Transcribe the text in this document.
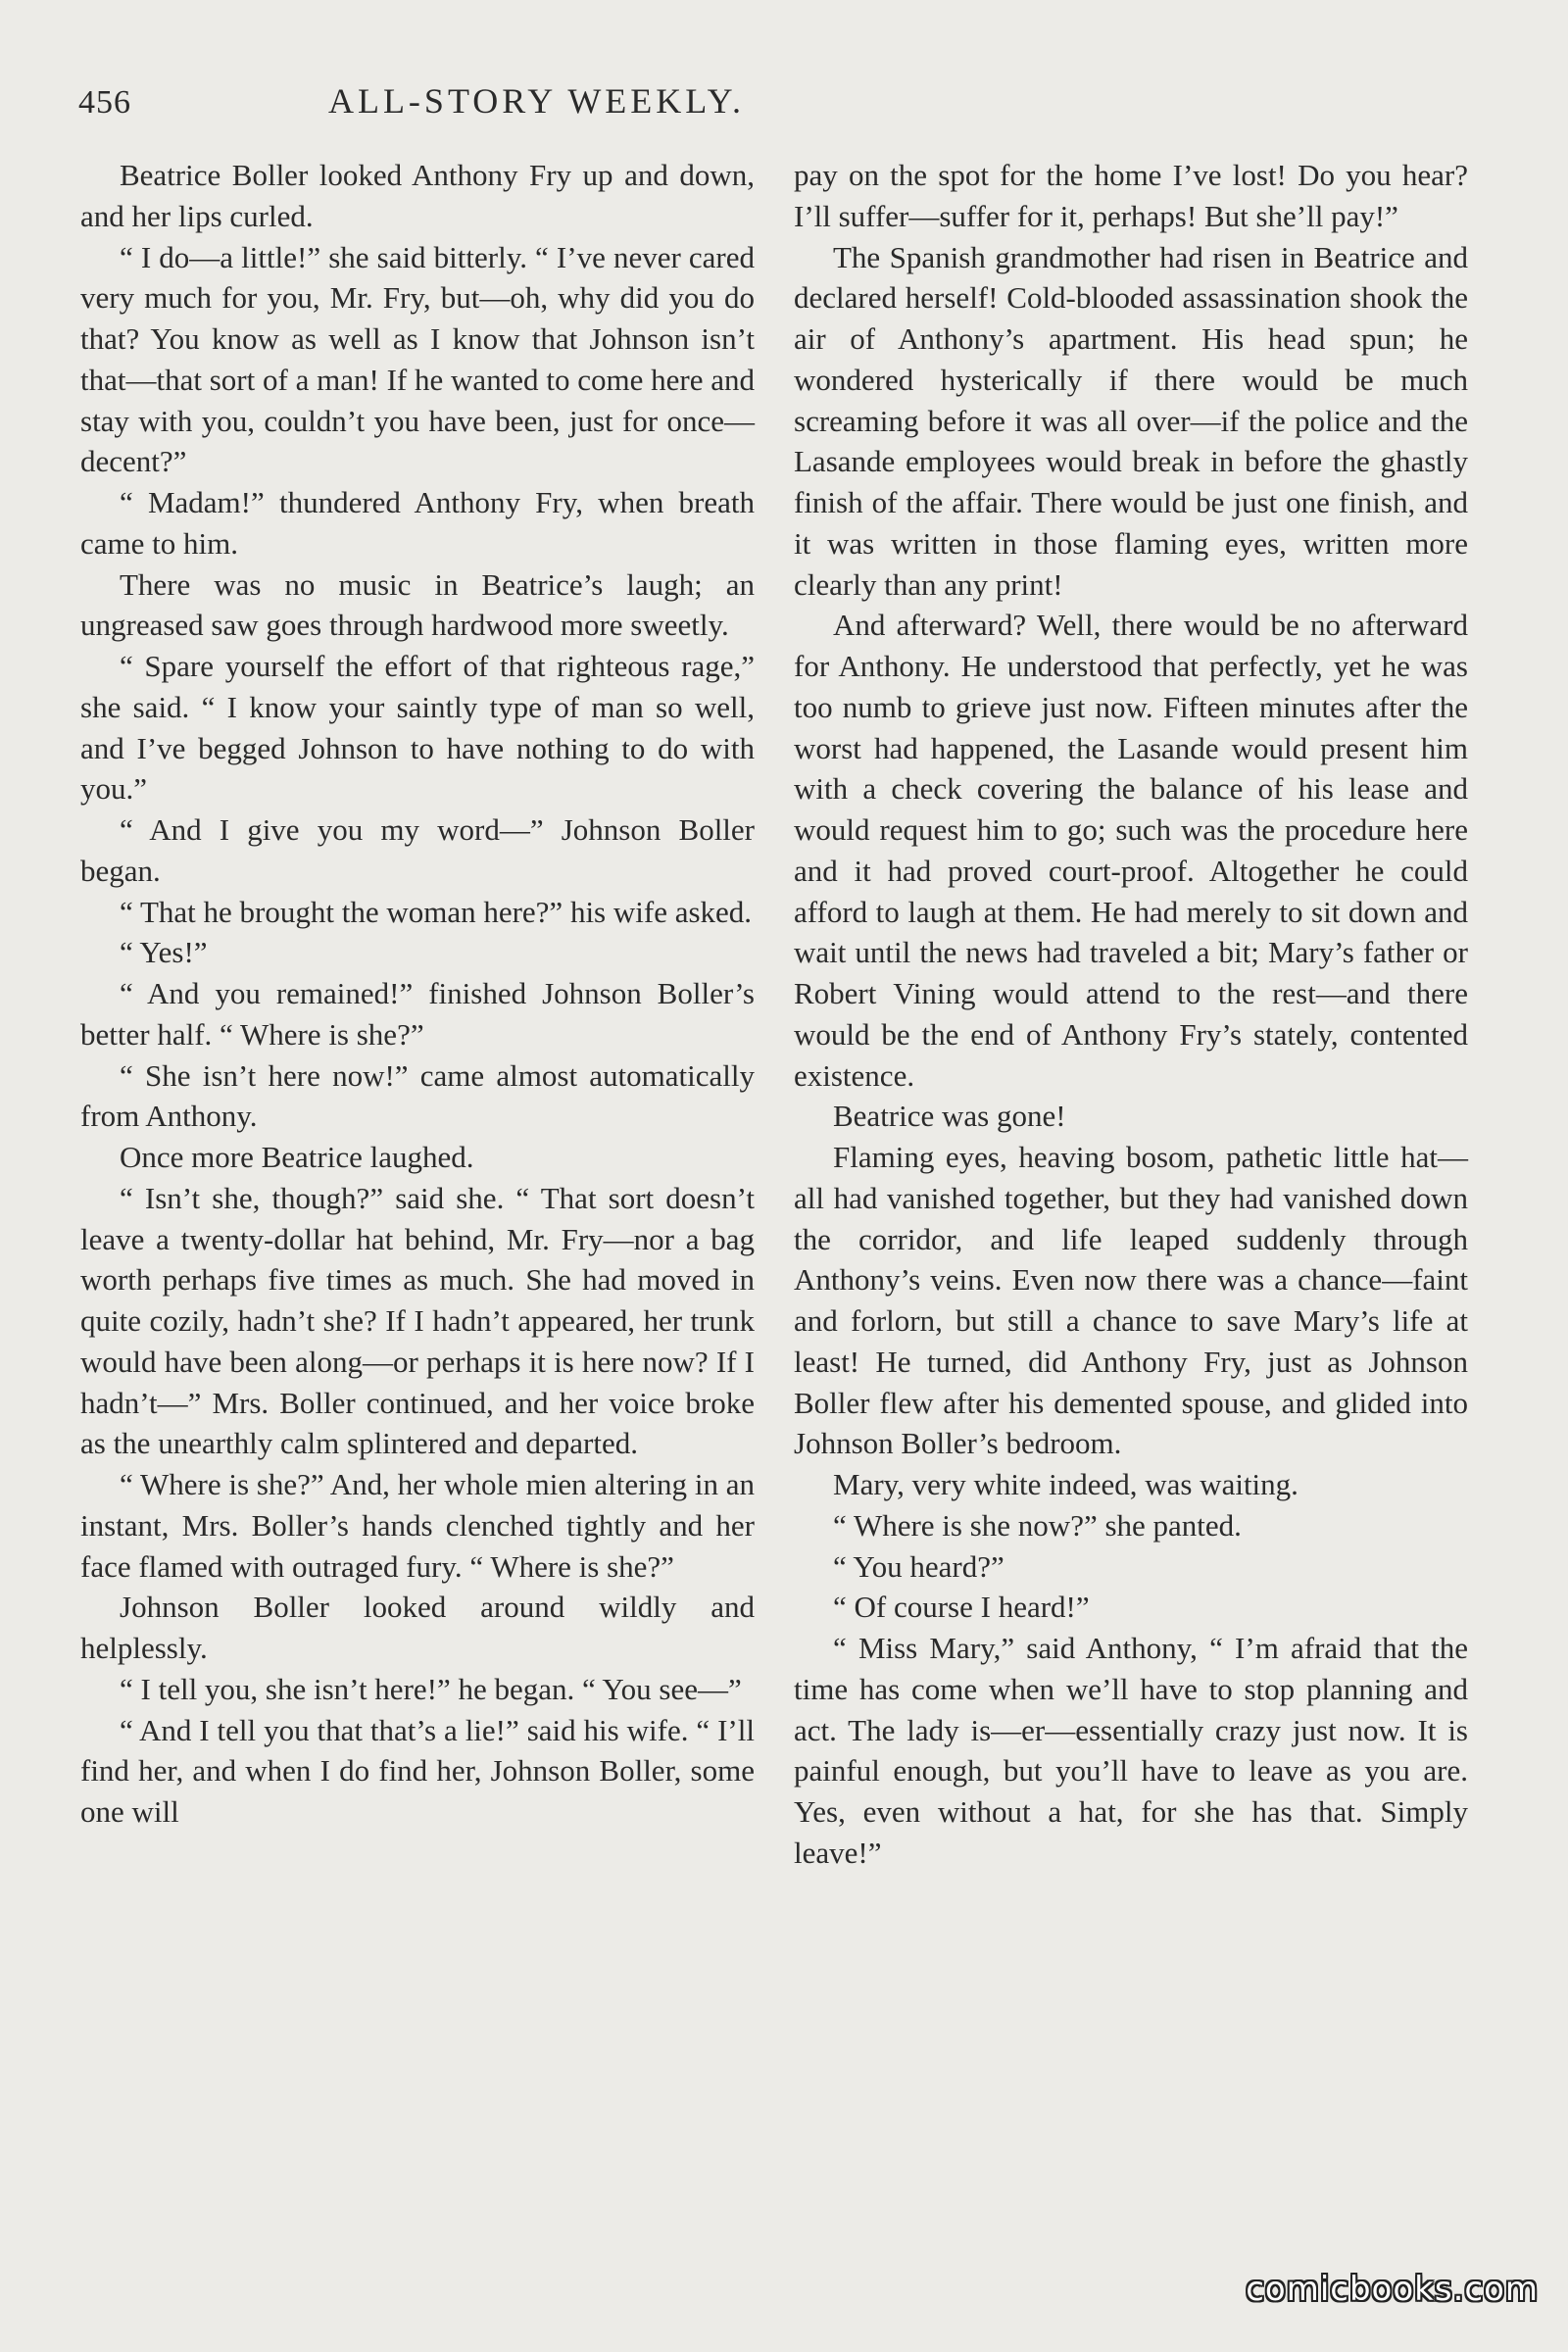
456	ALL-STORY WEEKLY.

Beatrice Boller looked Anthony Fry up and down, and her lips curled.

“ I do—a little!” she said bitterly. “ I’ve never cared very much for you, Mr. Fry, but—oh, why did you do that? You know as well as I know that Johnson isn’t that—that sort of a man! If he wanted to come here and stay with you, couldn’t you have been, just for once—decent?”

“ Madam!” thundered Anthony Fry, when breath came to him.

There was no music in Beatrice’s laugh; an ungreased saw goes through hardwood more sweetly.

“ Spare yourself the effort of that righteous rage,” she said. “ I know your saintly type of man so well, and I’ve begged Johnson to have nothing to do with you.”

“ And I give you my word—” Johnson Boller began.

“ That he brought the woman here?” his wife asked.

“ Yes!”

“ And you remained!” finished Johnson Boller’s better half. “ Where is she?”

“ She isn’t here now!” came almost automatically from Anthony.

Once more Beatrice laughed.

“ Isn’t she, though?” said she. “ That sort doesn’t leave a twenty-dollar hat behind, Mr. Fry—nor a bag worth perhaps five times as much. She had moved in quite cozily, hadn’t she? If I hadn’t appeared, her trunk would have been along—or perhaps it is here now? If I hadn’t—” Mrs. Boller continued, and her voice broke as the unearthly calm splintered and departed.

“ Where is she?” And, her whole mien altering in an instant, Mrs. Boller’s hands clenched tightly and her face flamed with outraged fury. “ Where is she?”

Johnson Boller looked around wildly and helplessly.

“ I tell you, she isn’t here!” he began. “ You see—”

“ And I tell you that that’s a lie!” said his wife. “ I’ll find her, and when I do find her, Johnson Boller, some one will

pay on the spot for the home I’ve lost! Do you hear? I’ll suffer—suffer for it, perhaps! But she’ll pay!”

The Spanish grandmother had risen in Beatrice and declared herself! Cold-blooded assassination shook the air of Anthony’s apartment. His head spun; he wondered hysterically if there would be much screaming before it was all over—if the police and the Lasande employees would break in before the ghastly finish of the affair. There would be just one finish, and it was written in those flaming eyes, written more clearly than any print!

And afterward? Well, there would be no afterward for Anthony. He understood that perfectly, yet he was too numb to grieve just now. Fifteen minutes after the worst had happened, the Lasande would present him with a check covering the balance of his lease and would request him to go; such was the procedure here and it had proved court-proof. Altogether he could afford to laugh at them. He had merely to sit down and wait until the news had traveled a bit; Mary’s father or Robert Vining would attend to the rest—and there would be the end of Anthony Fry’s stately, contented existence.

Beatrice was gone!

Flaming eyes, heaving bosom, pathetic little hat—all had vanished together, but they had vanished down the corridor, and life leaped suddenly through Anthony’s veins. Even now there was a chance—faint and forlorn, but still a chance to save Mary’s life at least! He turned, did Anthony Fry, just as Johnson Boller flew after his demented spouse, and glided into Johnson Boller’s bedroom.

Mary, very white indeed, was waiting.

“ Where is she now?” she panted.

“ You heard?”

“ Of course I heard!”

“ Miss Mary,” said Anthony, “ I’m afraid that the time has come when we’ll have to stop planning and act. The lady is—er—essentially crazy just now. It is painful enough, but you’ll have to leave as you are. Yes, even without a hat, for she has that. Simply leave!”

comicbooks.com
